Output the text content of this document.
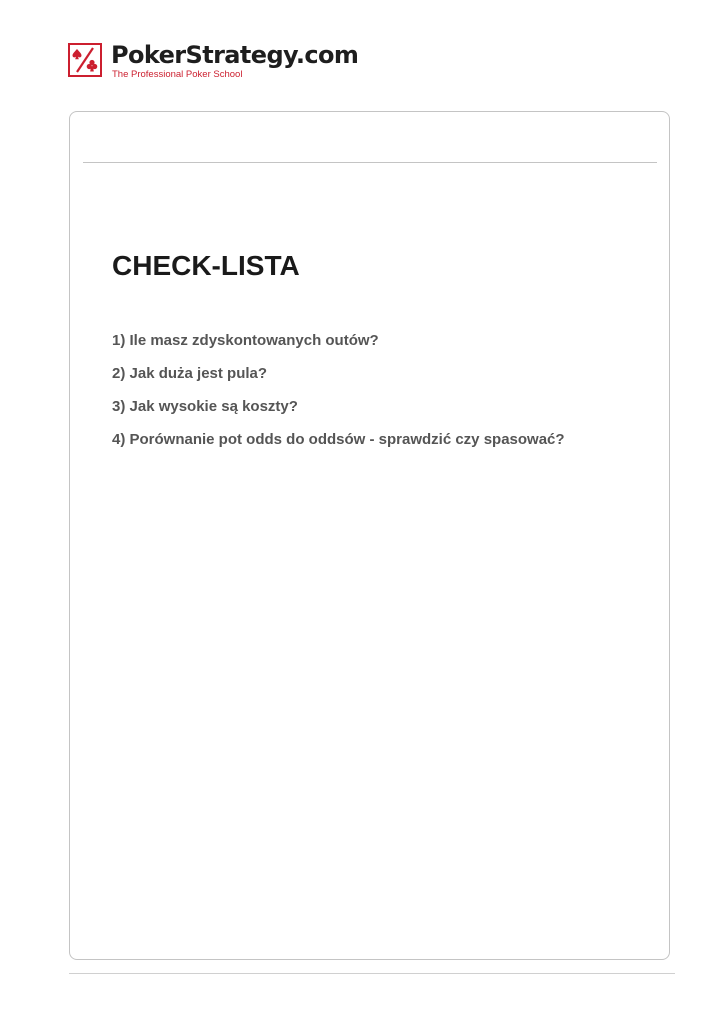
PokerStrategy.com
The Professional Poker School
CHECK-LISTA
1) Ile masz zdyskontowanych outów?
2) Jak duża jest pula?
3) Jak wysokie są koszty?
4) Porównanie pot odds do oddsów - sprawdzić czy spasować?
